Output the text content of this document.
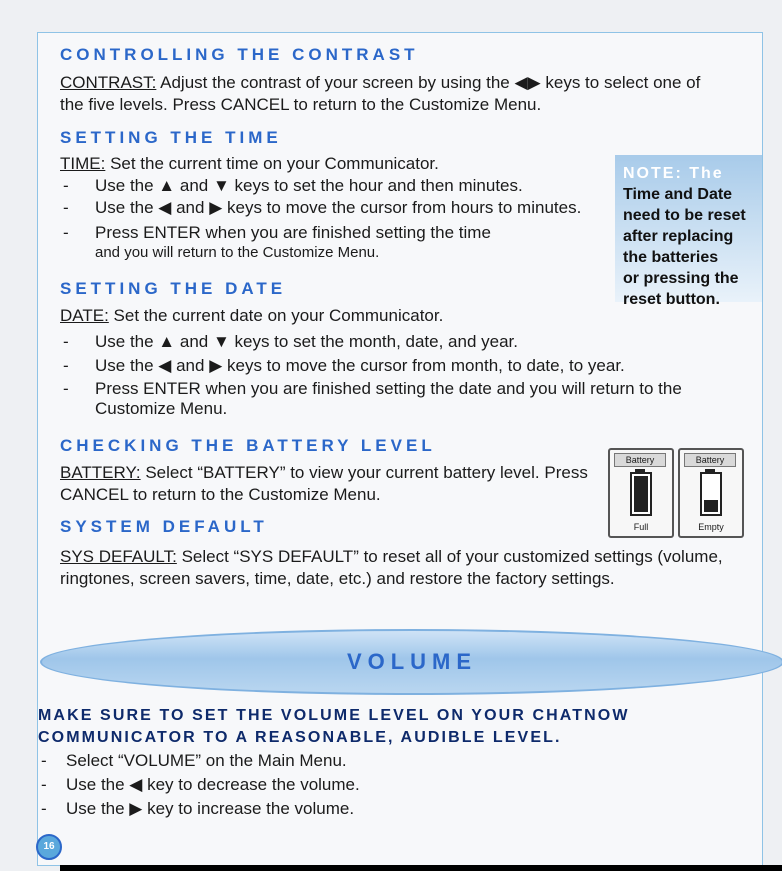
CONTROLLING THE CONTRAST
CONTRAST: Adjust the contrast of your screen by using the ◀▶ keys to select one of
the five levels. Press CANCEL to return to the Customize Menu.
SETTING THE TIME
TIME: Set the current time on your Communicator.
- Use the ▲ and ▼ keys to set the hour and then minutes.
- Use the ◀ and ▶ keys to move the cursor from hours to minutes.
- Press ENTER when you are finished setting the time
and you will return to the Customize Menu.
NOTE: The
Time and Date
need to be reset
after replacing
the batteries
or pressing the
reset button.
SETTING THE DATE
DATE: Set the current date on your Communicator.
- Use the ▲ and ▼ keys to set the month, date, and year.
- Use the ◀ and ▶ keys to move the cursor from month, to date, to year.
- Press ENTER when you are finished setting the date and you will return to the
Customize Menu.
CHECKING THE BATTERY LEVEL
BATTERY: Select “BATTERY” to view your current battery level. Press
CANCEL to return to the Customize Menu.
Battery
Full
Battery
Empty
SYSTEM DEFAULT
SYS DEFAULT: Select “SYS DEFAULT” to reset all of your customized settings (volume,
ringtones, screen savers, time, date, etc.) and restore the factory settings.
VOLUME
MAKE SURE TO SET THE VOLUME LEVEL ON YOUR CHATNOW
COMMUNICATOR TO A REASONABLE, AUDIBLE LEVEL.
- Select “VOLUME” on the Main Menu.
- Use the ◀ key to decrease the volume.
- Use the ▶ key to increase the volume.
16
